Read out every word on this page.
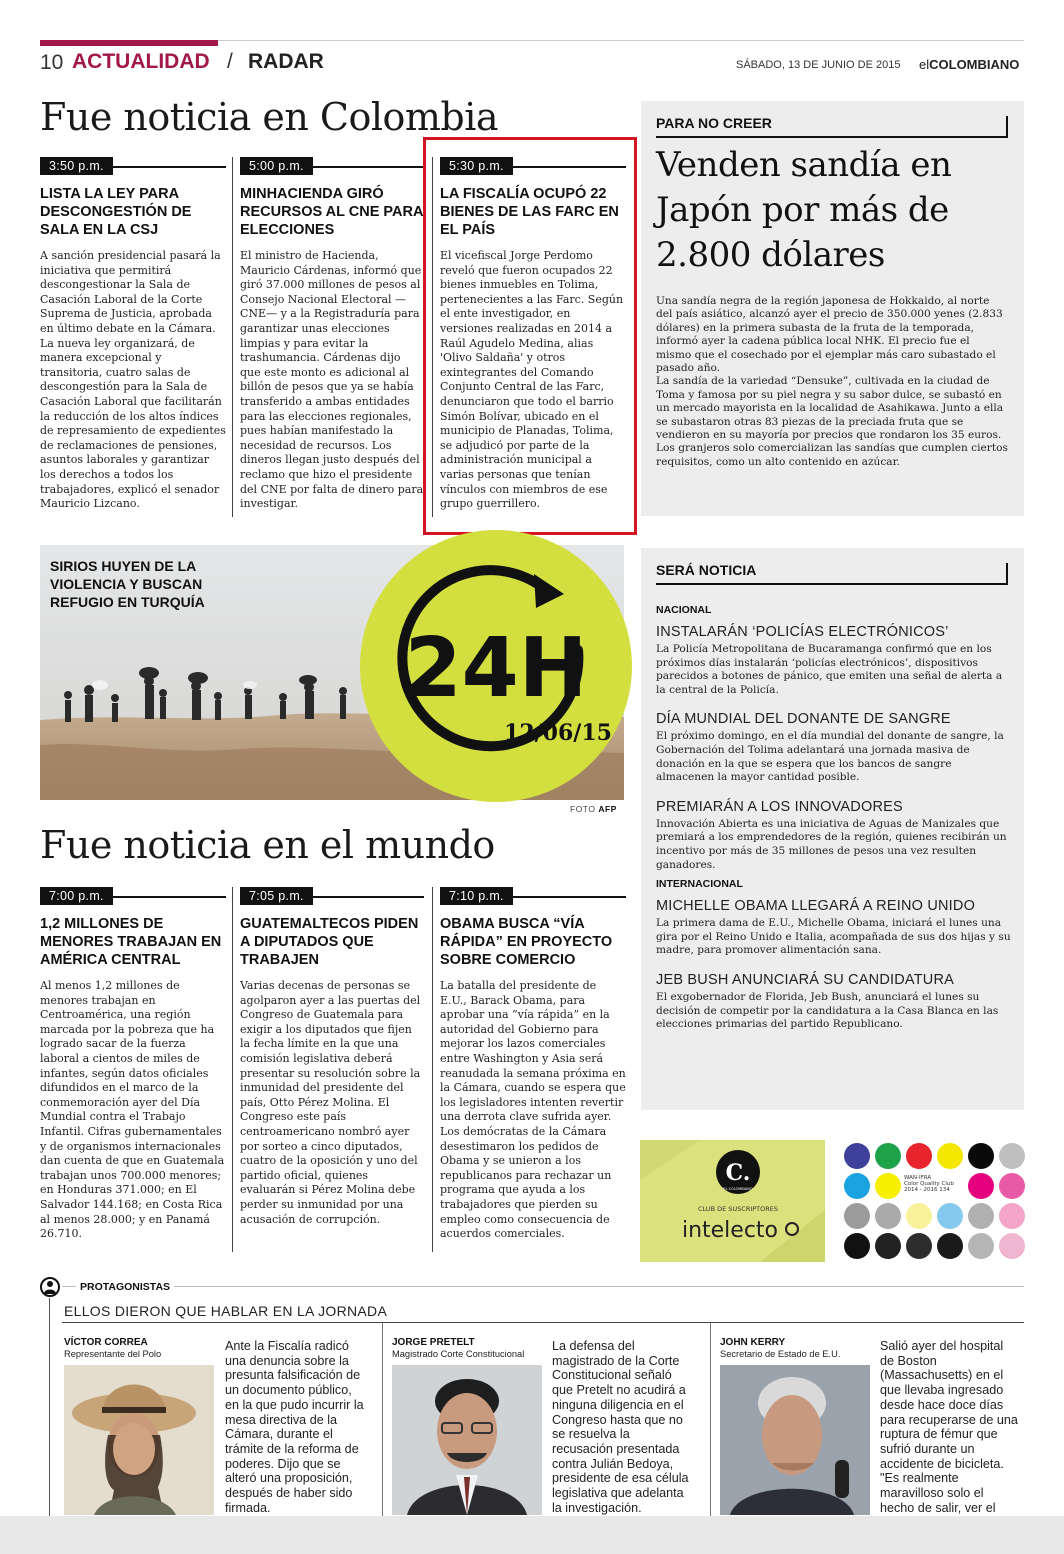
10 ACTUALIDAD / RADAR	SÁBADO, 13 DE JUNIO DE 2015 elCOLOMBIANO
Fue noticia en Colombia
3:50 p.m.
LISTA LA LEY PARA DESCONGESTIÓN DE SALA EN LA CSJ

A sanción presidencial pasará la iniciativa que permitirá descongestionar la Sala de Casación Laboral de la Corte Suprema de Justicia, aprobada en último debate en la Cámara. La nueva ley organizará, de manera excepcional y transitoria, cuatro salas de descongestión para la Sala de Casación Laboral que facilitarán la reducción de los altos índices de represamiento de expedientes de reclamaciones de pensiones, asuntos laborales y garantizar los derechos a todos los trabajadores, explicó el senador Mauricio Lizcano.

5:00 p.m.
MINHACIENDA GIRÓ RECURSOS AL CNE PARA ELECCIONES

El ministro de Hacienda, Mauricio Cárdenas, informó que giró 37.000 millones de pesos al Consejo Nacional Electoral —CNE— y a la Registraduría para garantizar unas elecciones limpias y para evitar la trashumancia. Cárdenas dijo que este monto es adicional al billón de pesos que ya se había transferido a ambas entidades para las elecciones regionales, pues habían manifestado la necesidad de recursos. Los dineros llegan justo después del reclamo que hizo el presidente del CNE por falta de dinero para investigar.

5:30 p.m.
LA FISCALÍA OCUPÓ 22 BIENES DE LAS FARC EN EL PAÍS

El vicefiscal Jorge Perdomo reveló que fueron ocupados 22 bienes inmuebles en Tolima, pertenecientes a las Farc. Según el ente investigador, en versiones realizadas en 2014 a Raúl Agudelo Medina, alias 'Olivo Saldaña' y otros exintegrantes del Comando Conjunto Central de las Farc, denunciaron que todo el barrio Simón Bolívar, ubicado en el municipio de Planadas, Tolima, se adjudicó por parte de la administración municipal a varias personas que tenían vínculos con miembros de ese grupo guerrillero.

PARA NO CREER
Venden sandía en Japón por más de 2.800 dólares
Una sandía negra de la región japonesa de Hokkaido, al norte del país asiático, alcanzó ayer el precio de 350.000 yenes (2.833 dólares) en la primera subasta de la fruta de la temporada, informó ayer la cadena pública local NHK. El precio fue el mismo que el cosechado por el ejemplar más caro subastado el pasado año.
La sandía de la variedad “Densuke”, cultivada en la ciudad de Toma y famosa por su piel negra y su sabor dulce, se subastó en un mercado mayorista en la localidad de Asahikawa. Junto a ella se subastaron otras 83 piezas de la preciada fruta que se vendieron en su mayoría por precios que rondaron los 35 euros. Los granjeros solo comercializan las sandías que cumplen ciertos requisitos, como un alto contenido en azúcar.
SIRIOS HUYEN DE LA VIOLENCIA Y BUSCAN REFUGIO EN TURQUÍA
24H
12/06/15
FOTO AFP
SERÁ NOTICIA
NACIONAL
INSTALARÁN ‘POLICÍAS ELECTRÓNICOS’
La Policía Metropolitana de Bucaramanga confirmó que en los próximos días instalarán ‘policías electrónicos’, dispositivos parecidos a botones de pánico, que emiten una señal de alerta a la central de la Policía.
DÍA MUNDIAL DEL DONANTE DE SANGRE
El próximo domingo, en el día mundial del donante de sangre, la Gobernación del Tolima adelantará una jornada masiva de donación en la que se espera que los bancos de sangre almacenen la mayor cantidad posible.
PREMIARÁN A LOS INNOVADORES
Innovación Abierta es una iniciativa de Aguas de Manizales que premiará a los emprendedores de la región, quienes recibirán un incentivo por más de 35 millones de pesos una vez resulten ganadores.
INTERNACIONAL
MICHELLE OBAMA LLEGARÁ A REINO UNIDO
La primera dama de E.U., Michelle Obama, iniciará el lunes una gira por el Reino Unido e Italia, acompañada de sus dos hijas y su madre, para promover alimentación sana.
JEB BUSH ANUNCIARÁ SU CANDIDATURA
El exgobernador de Florida, Jeb Bush, anunciará el lunes su decisión de competir por la candidatura a la Casa Blanca en las elecciones primarias del partido Republicano.
Fue noticia en el mundo
7:00 p.m.
1,2 MILLONES DE MENORES TRABAJAN EN AMÉRICA CENTRAL

Al menos 1,2 millones de menores trabajan en Centroamérica, una región marcada por la pobreza que ha logrado sacar de la fuerza laboral a cientos de miles de infantes, según datos oficiales difundidos en el marco de la conmemoración ayer del Día Mundial contra el Trabajo Infantil. Cifras gubernamentales y de organismos internacionales dan cuenta de que en Guatemala trabajan unos 700.000 menores; en Honduras 371.000; en El Salvador 144.168; en Costa Rica al menos 28.000; y en Panamá 26.710.

7:05 p.m.
GUATEMALTECOS PIDEN A DIPUTADOS QUE TRABAJEN

Varias decenas de personas se agolparon ayer a las puertas del Congreso de Guatemala para exigir a los diputados que fijen la fecha límite en la que una comisión legislativa deberá presentar su resolución sobre la inmunidad del presidente del país, Otto Pérez Molina. El Congreso este país centroamericano nombró ayer por sorteo a cinco diputados, cuatro de la oposición y uno del partido oficial, quienes evaluarán si Pérez Molina debe perder su inmunidad por una acusación de corrupción.

7:10 p.m.
OBAMA BUSCA “VÍA RÁPIDA” EN PROYECTO SOBRE COMERCIO

La batalla del presidente de E.U., Barack Obama, para aprobar una “vía rápida” en la autoridad del Gobierno para mejorar los lazos comerciales entre Washington y Asia será reanudada la semana próxima en la Cámara, cuando se espera que los legisladores intenten revertir una derrota clave sufrida ayer. Los demócratas de la Cámara desestimaron los pedidos de Obama y se unieron a los republicanos para rechazar un programa que ayuda a los trabajadores que pierden su empleo como consecuencia de acuerdos comerciales.

C.
EL COLOMBIANO
CLUB DE SUSCRIPTORES
intelecto
WAN-IFRA
Color Quality Club
2014 - 2016 134
PROTAGONISTAS
ELLOS DIERON QUE HABLAR EN LA JORNADA
VÍCTOR CORREA
Representante del Polo
Ante la Fiscalía radicó una denuncia sobre la presunta falsificación de un documento público, en la que pudo incurrir la mesa directiva de la Cámara, durante el trámite de la reforma de poderes. Dijo que se alteró una proposición, después de haber sido firmada.
JORGE PRETELT
Magistrado Corte Constitucional
La defensa del magistrado de la Corte Constitucional señaló que Pretelt no acudirá a ninguna diligencia en el Congreso hasta que no se resuelva la recusación presentada contra Julián Bedoya, presidente de esa célula legislativa que adelanta la investigación.
JOHN KERRY
Secretario de Estado de E.U.
Salió ayer del hospital de Boston (Massachusetts) en el que llevaba ingresado desde hace doce días para recuperarse de una ruptura de fémur que sufrió durante un accidente de bicicleta. "Es realmente maravilloso solo el hecho de salir, ver el
